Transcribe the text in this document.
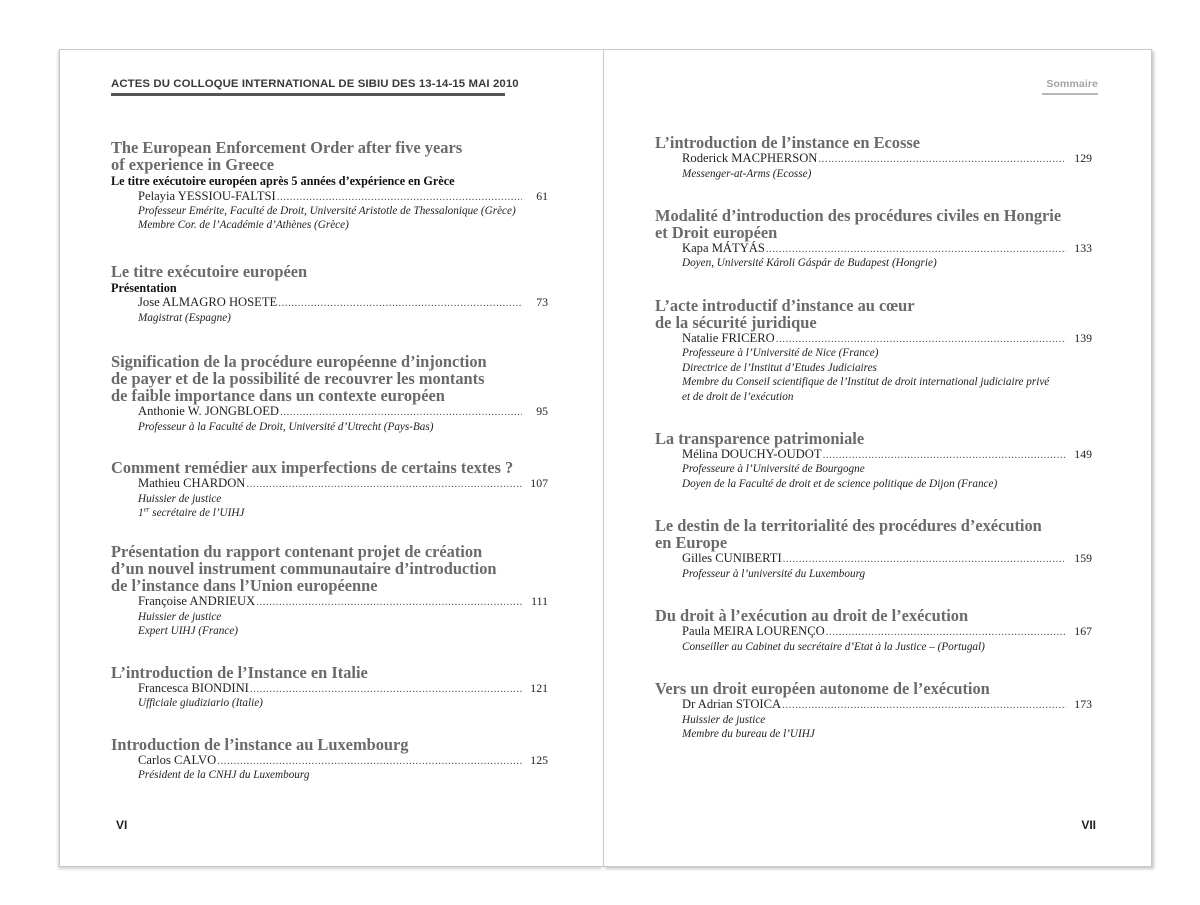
ACTES DU COLLOQUE INTERNATIONAL DE SIBIU DES 13-14-15 MAI 2010
The European Enforcement Order after five years
of experience in Greece
Le titre exécutoire européen après 5 années d’expérience en Grèce
Pelayia YESSIOU-FALTSI .....	61
Professeur Emérite, Faculté de Droit, Université Aristotle de Thessalonique (Grèce)
Membre Cor. de l’Académie d’Athènes (Grèce)
Le titre exécutoire européen
Présentation
Jose ALMAGRO HOSETE .....	73
Magistrat (Espagne)
Signification de la procédure européenne d’injonction
de payer et de la possibilité de recouvrer les montants
de faible importance dans un contexte européen
Anthonie W. JONGBLOED .....	95
Professeur à la Faculté de Droit, Université d’Utrecht (Pays-Bas)
Comment remédier aux imperfections de certains textes ?
Mathieu CHARDON .....	107
Huissier de justice
1er secrétaire de l’UIHJ
Présentation du rapport contenant projet de création
d’un nouvel instrument communautaire d’introduction
de l’instance dans l’Union européenne
Françoise ANDRIEUX .....	111
Huissier de justice
Expert UIHJ (France)
L’introduction de l’Instance en Italie
Francesca BIONDINI .....	121
Ufficiale giudiziario (Italie)
Introduction de l’instance au Luxembourg
Carlos CALVO .....	125
Président de la CNHJ du Luxembourg
VI
Sommaire
L’introduction de l’instance en Ecosse
Roderick MACPHERSON .....	129
Messenger-at-Arms (Ecosse)
Modalité d’introduction des procédures civiles en Hongrie
et Droit européen
Kapa MÁTYÁS .....	133
Doyen, Université Károli Gáspár de Budapest (Hongrie)
L’acte introductif d’instance au cœur
de la sécurité juridique
Natalie FRICERO .....	139
Professeure à l’Université de Nice (France)
Directrice de l’Institut d’Etudes Judiciaires
Membre du Conseil scientifique de l’Institut de droit international judiciaire privé
et de droit de l’exécution
La transparence patrimoniale
Mélina DOUCHY-OUDOT .....	149
Professeure à l’Université de Bourgogne
Doyen de la Faculté de droit et de science politique de Dijon (France)
Le destin de la territorialité des procédures d’exécution
en Europe
Gilles CUNIBERTI .....	159
Professeur à l’université du Luxembourg
Du droit à l’exécution au droit de l’exécution
Paula MEIRA LOURENÇO .....	167
Conseiller au Cabinet du secrétaire d’Etat à la Justice – (Portugal)
Vers un droit européen autonome de l’exécution
Dr Adrian STOICA .....	173
Huissier de justice
Membre du bureau de l’UIHJ
VII
